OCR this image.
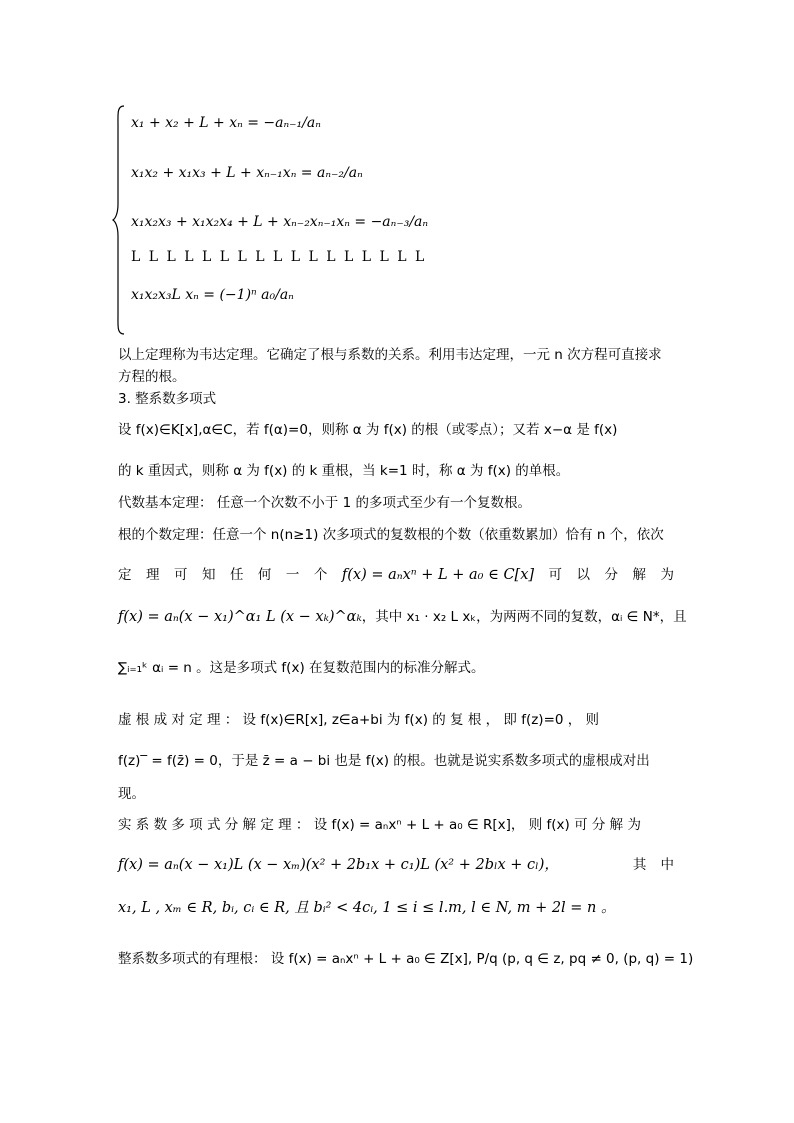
x₁ + x₂ + L + xₙ = −aₙ₋₁/aₙ
x₁x₂ + x₁x₃ + L + xₙ₋₁xₙ = aₙ₋₂/aₙ
x₁x₂x₃ + x₁x₂x₄ + L + xₙ₋₂xₙ₋₁xₙ = −aₙ₋₃/aₙ
L L L L L L L L L L L L L L L L L
x₁x₂x₃L xₙ = (−1)ⁿ a₀/aₙ
以上定理称为韦达定理。它确定了根与系数的关系。利用韦达定理，一元 n 次方程可直接求
方程的根。
3. 整系数多项式
设 f(x)∈K[x],α∈C，若 f(α)=0，则称 α 为 f(x) 的根（或零点）；又若 x−α 是 f(x)
的 k 重因式，则称 α 为 f(x) 的 k 重根，当 k=1 时，称 α 为 f(x) 的单根。
代数基本定理： 任意一个次数不小于 1 的多项式至少有一个复数根。
根的个数定理：任意一个 n(n≥1) 次多项式的复数根的个数（依重数累加）恰有 n 个，依次
定 理 可 知 任 何 一 个 f(x) = aₙxⁿ + L + a₀ ∈ C[x] 可 以 分 解 为
f(x) = aₙ(x − x₁)^α₁ L (x − xₖ)^αₖ，其中 x₁ · x₂ L xₖ，为两两不同的复数，αᵢ ∈ N*，且
∑ᵢ₌₁ᵏ αᵢ = n 。这是多项式 f(x) 在复数范围内的标准分解式。
虚 根 成 对 定 理 ： 设 f(x)∈R[x], z∈a+bi 为 f(x) 的 复 根 ， 即 f(z)=0 ， 则
f(z)‾ = f(z̄) = 0，于是 z̄ = a − bi 也是 f(x) 的根。也就是说实系数多项式的虚根成对出
现。
实 系 数 多 项 式 分 解 定 理 ： 设 f(x) = aₙxⁿ + L + a₀ ∈ R[x]， 则 f(x) 可 分 解 为
f(x) = aₙ(x − x₁)L (x − xₘ)(x² + 2b₁x + c₁)L (x² + 2bₗx + cₗ)，	其 中
x₁, L , xₘ ∈ R, bᵢ, cᵢ ∈ R, 且 bᵢ² < 4cᵢ, 1 ≤ i ≤ l.m, l ∈ N, m + 2l = n 。
整系数多项式的有理根： 设 f(x) = aₙxⁿ + L + a₀ ∈ Z[x], P/q (p, q ∈ z, pq ≠ 0, (p, q) = 1)
